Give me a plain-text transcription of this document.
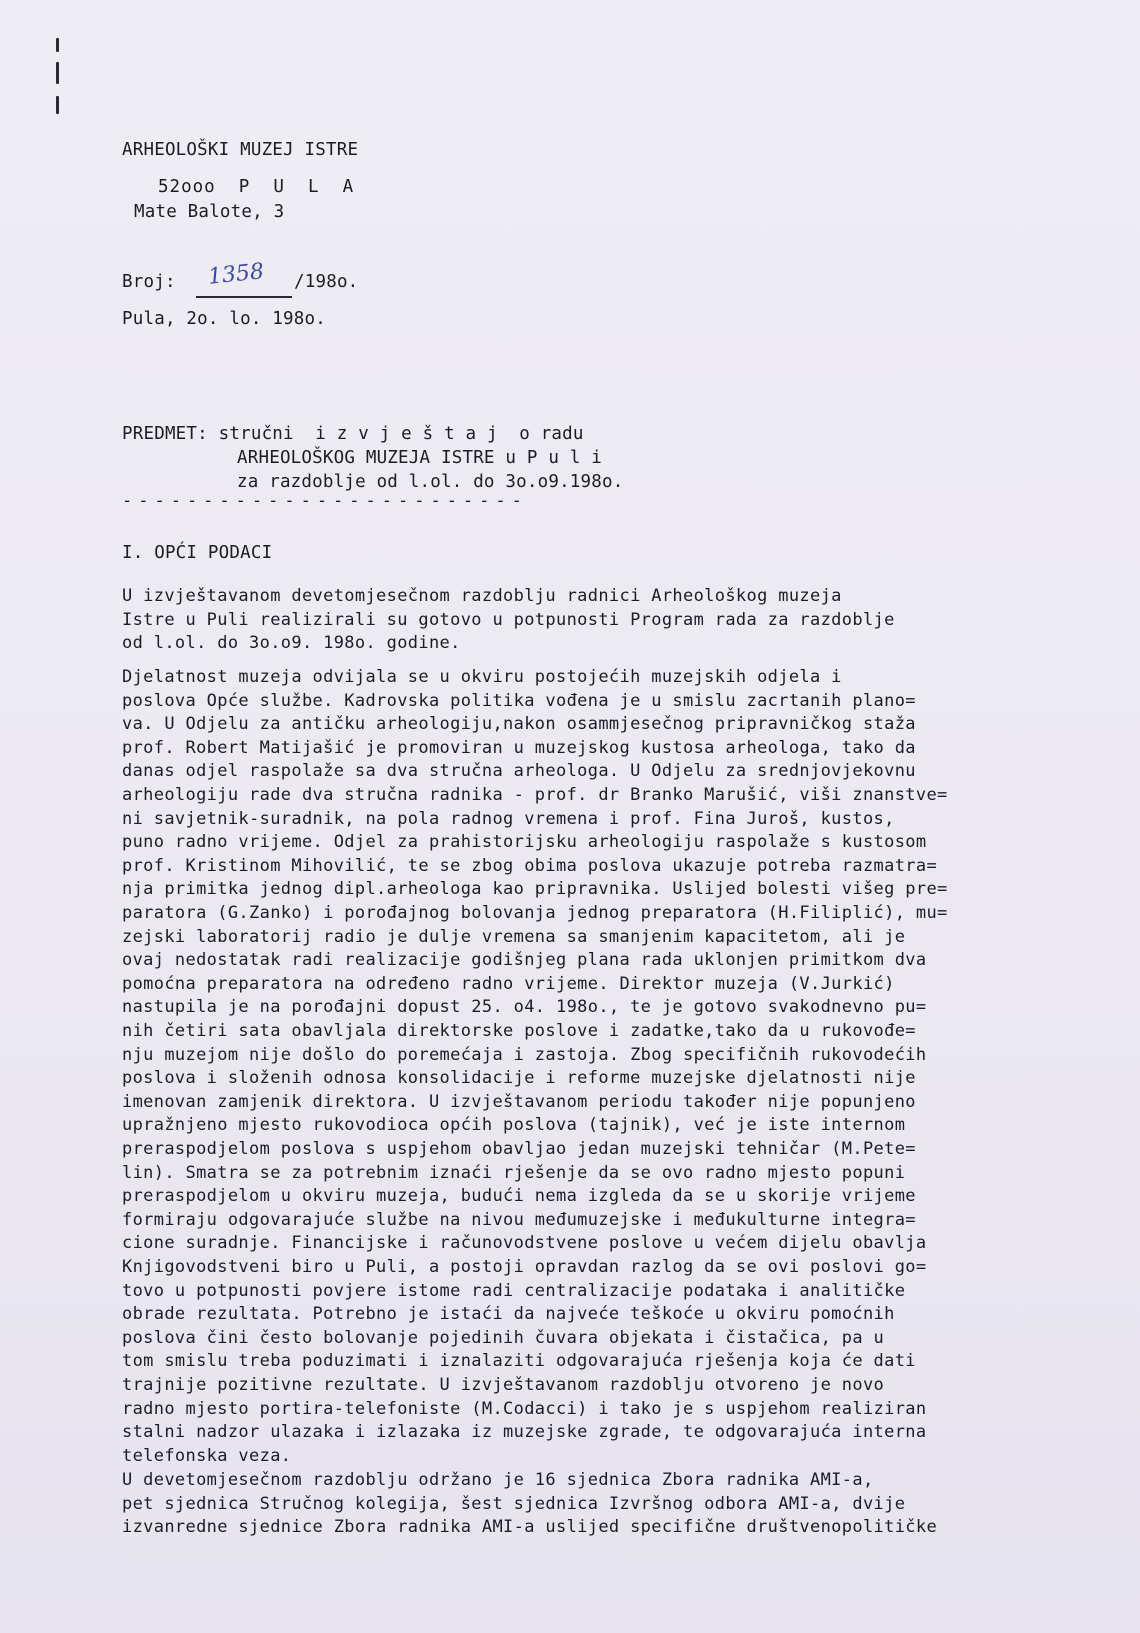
ARHEOLOŠKI MUZEJ ISTRE
52ooo  P  U  L  A
Mate Balote, 3
Broj: 1358 /198o.
Pula, 2o. lo. 198o.
PREDMET: stručni  i z v j e š t a j  o radu
ARHEOLOŠKOG MUZEJA ISTRE u P u l i
za razdoblje od l.ol. do 3o.o9.198o.
-------------------------
I. OPĆI PODACI
U izvještavanom devetomjesečnom razdoblju radnici Arheološkog muzeja
Istre u Puli realizirali su gotovo u potpunosti Program rada za razdoblje
od l.ol. do 3o.o9. 198o. godine.
Djelatnost muzeja odvijala se u okviru postojećih muzejskih odjela i
poslova Opće službe. Kadrovska politika vođena je u smislu zacrtanih plano=
va. U Odjelu za antičku arheologiju,nakon osammjesečnog pripravničkog staža
prof. Robert Matijašić je promoviran u muzejskog kustosa arheologa, tako da
danas odjel raspolaže sa dva stručna arheologa. U Odjelu za srednjovjekovnu
arheologiju rade dva stručna radnika - prof. dr Branko Marušić, viši znanstve=
ni savjetnik-suradnik, na pola radnog vremena i prof. Fina Juroš, kustos,
puno radno vrijeme. Odjel za prahistorijsku arheologiju raspolaže s kustosom
prof. Kristinom Mihovilić, te se zbog obima poslova ukazuje potreba razmatra=
nja primitka jednog dipl.arheologa kao pripravnika. Uslijed bolesti višeg pre=
paratora (G.Zanko) i porođajnog bolovanja jednog preparatora (H.Filiplić), mu=
zejski laboratorij radio je dulje vremena sa smanjenim kapacitetom, ali je
ovaj nedostatak radi realizacije godišnjeg plana rada uklonjen primitkom dva
pomoćna preparatora na određeno radno vrijeme. Direktor muzeja (V.Jurkić)
nastupila je na porođajni dopust 25. o4. 198o., te je gotovo svakodnevno pu=
nih četiri sata obavljala direktorske poslove i zadatke,tako da u rukovođe=
nju muzejom nije došlo do poremećaja i zastoja. Zbog specifičnih rukovodećih
poslova i složenih odnosa konsolidacije i reforme muzejske djelatnosti nije
imenovan zamjenik direktora. U izvještavanom periodu također nije popunjeno
upražnjeno mjesto rukovodioca općih poslova (tajnik), već je iste internom
preraspodjelom poslova s uspjehom obavljao jedan muzejski tehničar (M.Pete=
lin). Smatra se za potrebnim iznaći rješenje da se ovo radno mjesto popuni
preraspodjelom u okviru muzeja, budući nema izgleda da se u skorije vrijeme
formiraju odgovarajuće službe na nivou međumuzejske i međukulturne integra=
cione suradnje. Financijske i računovodstvene poslove u većem dijelu obavlja
Knjigovodstveni biro u Puli, a postoji opravdan razlog da se ovi poslovi go=
tovo u potpunosti povjere istome radi centralizacije podataka i analitičke
obrade rezultata. Potrebno je istaći da najveće teškoće u okviru pomoćnih
poslova čini često bolovanje pojedinih čuvara objekata i čistačica, pa u
tom smislu treba poduzimati i iznalaziti odgovarajuća rješenja koja će dati
trajnije pozitivne rezultate. U izvještavanom razdoblju otvoreno je novo
radno mjesto portira-telefoniste (M.Codacci) i tako je s uspjehom realiziran
stalni nadzor ulazaka i izlazaka iz muzejske zgrade, te odgovarajuća interna
telefonska veza.
U devetomjesečnom razdoblju održano je 16 sjednica Zbora radnika AMI-a,
pet sjednica Stručnog kolegija, šest sjednica Izvršnog odbora AMI-a, dvije
izvanredne sjednice Zbora radnika AMI-a uslijed specifične društvenopolitičke
